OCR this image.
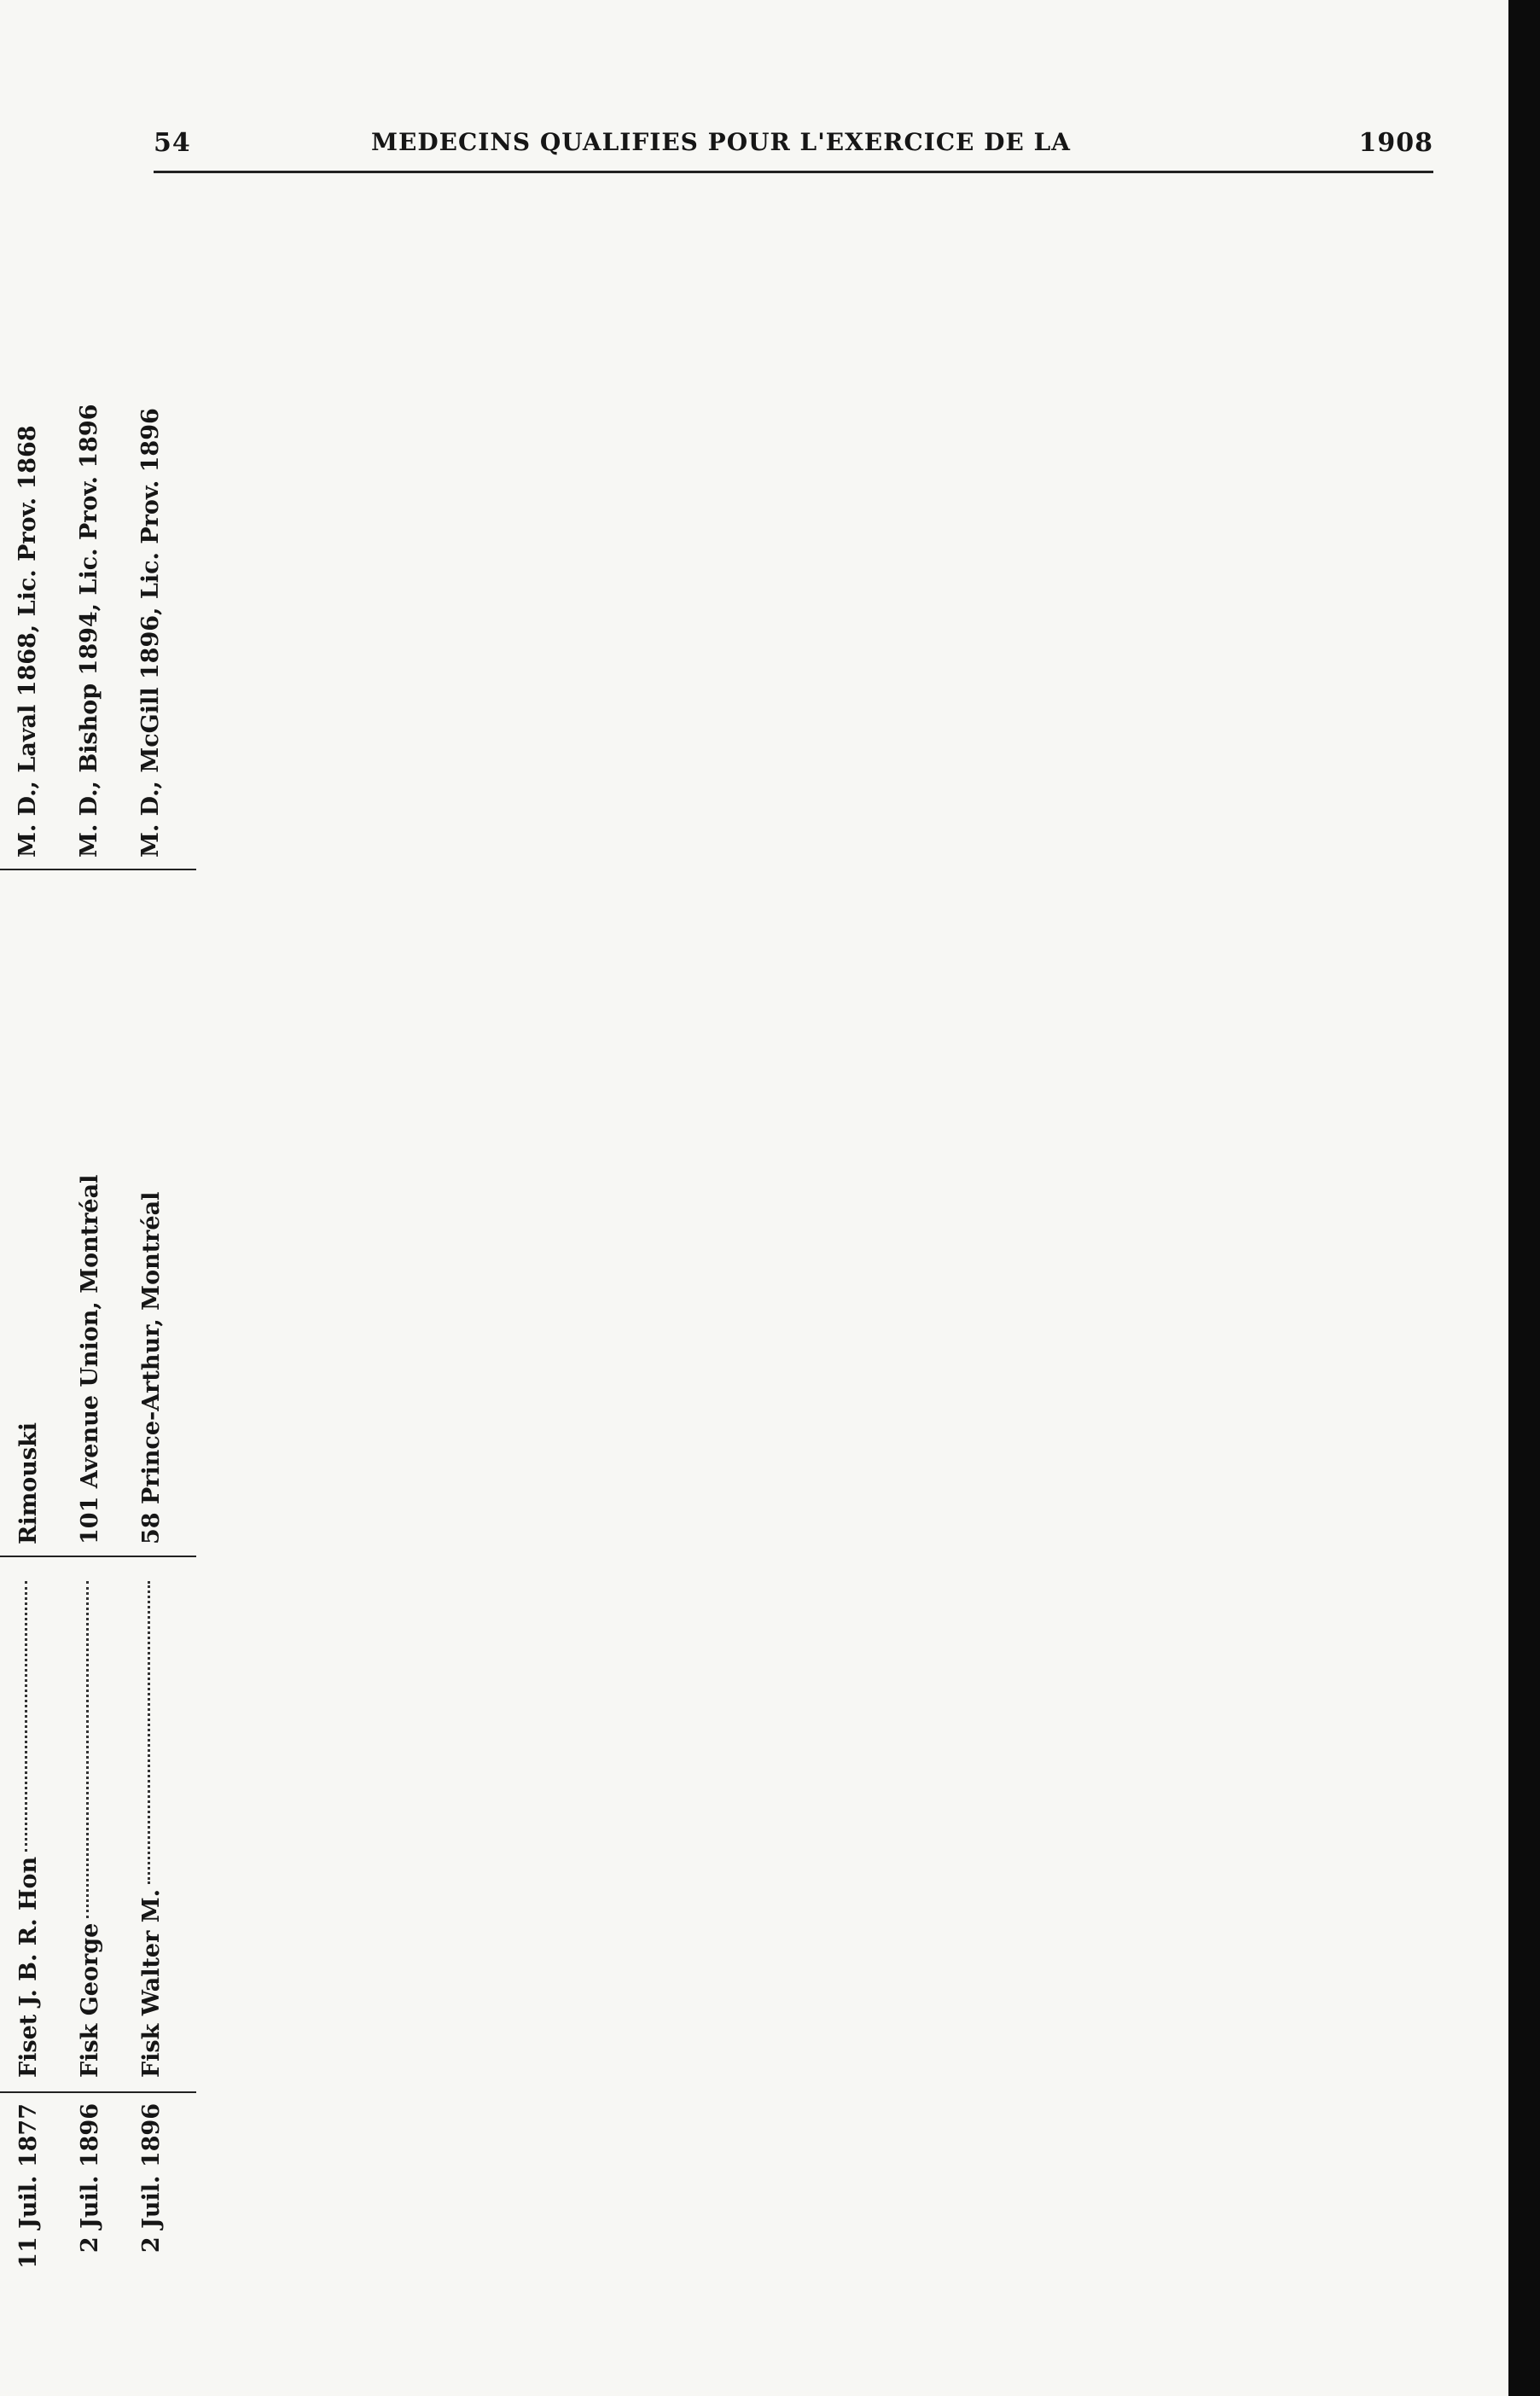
54	MEDECINS QUALIFIES POUR L'EXERCICE DE LA	1908
11 Juil. 1877
Fiset J. B. R. Hon
Rimouski
M. D., Laval 1868, Lic. Prov. 1868
2 Juil. 1896
Fisk George
101 Avenue Union, Montréal
M. D., Bishop 1894, Lic. Prov. 1896
2 Juil. 1896
Fisk Walter M.
58 Prince-Arthur, Montréal
M. D., McGill 1896, Lic. Prov. 1896
